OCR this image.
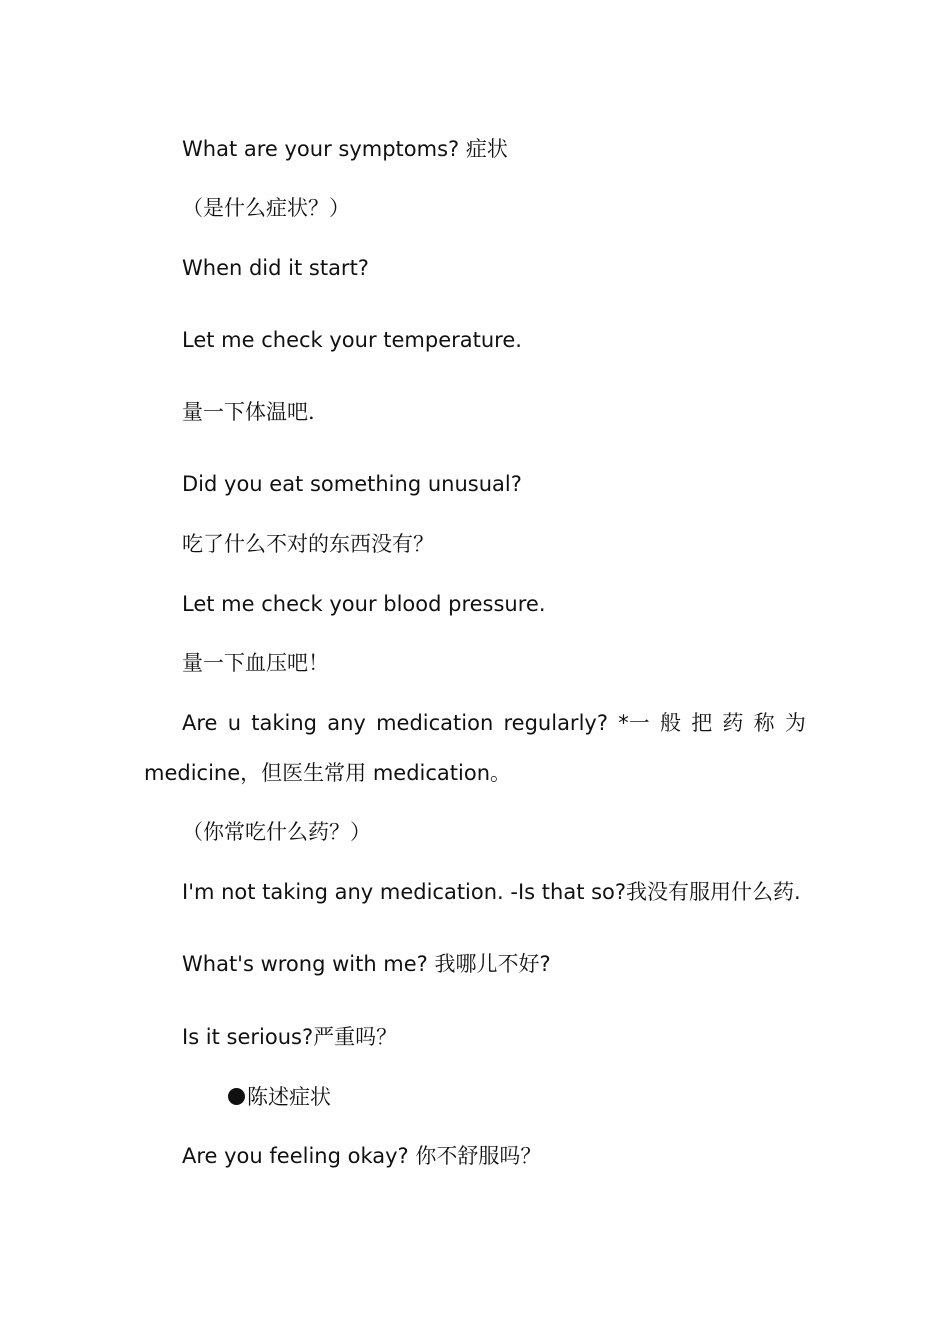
What are your symptoms? 症状
（是什么症状？）
When did it start?
Let me check your temperature.
量一下体温吧.
Did you eat something unusual?
吃了什么不对的东西没有？
Let me check your blood pressure.
量一下血压吧！
Are u taking any medication regularly? *一 般 把 药 称 为
medicine，但医生常用 medication。
（你常吃什么药？）
I'm not taking any medication. -Is that so?我没有服用什么药.
What's wrong with me? 我哪儿不好?
Is it serious?严重吗？
陈述症状
Are you feeling okay? 你不舒服吗？
